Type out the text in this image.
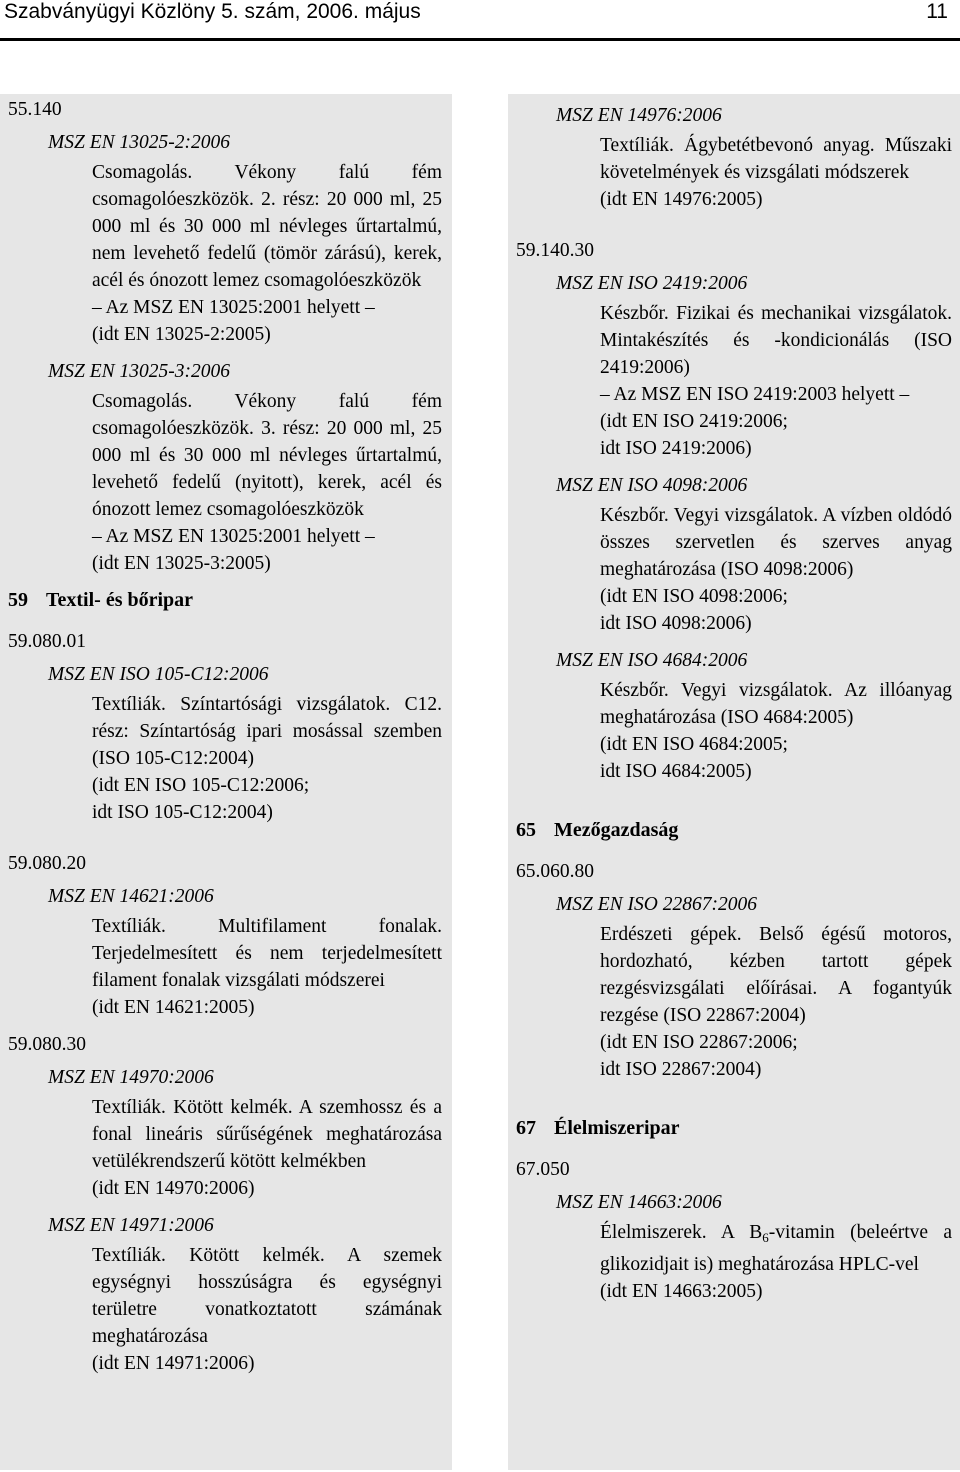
Szabványügyi Közlöny 5. szám, 2006. május	11
55.140
MSZ EN 13025-2:2006
Csomagolás. Vékony falú fém csomagolóeszközök. 2. rész: 20 000 ml, 25 000 ml és 30 000 ml névleges űrtartalmú, nem levehető fedelű (tömör zárású), kerek, acél és ónozott lemez csomagolóeszközök
– Az MSZ EN 13025:2001 helyett –
(idt EN 13025-2:2005)
MSZ EN 13025-3:2006
Csomagolás. Vékony falú fém csomagolóeszközök. 3. rész: 20 000 ml, 25 000 ml és 30 000 ml névleges űrtartalmú, levehető fedelű (nyitott), kerek, acél és ónozott lemez csomagolóeszközök
– Az MSZ EN 13025:2001 helyett –
(idt EN 13025-3:2005)
59 Textil- és bőripar
59.080.01
MSZ EN ISO 105-C12:2006
Textíliák. Színtartósági vizsgálatok. C12. rész: Színtartóság ipari mosással szemben (ISO 105-C12:2004)
(idt EN ISO 105-C12:2006;
idt ISO 105-C12:2004)
59.080.20
MSZ EN 14621:2006
Textíliák. Multifilament fonalak. Terjedelmesített és nem terjedelmesített filament fonalak vizsgálati módszerei
(idt EN 14621:2005)
59.080.30
MSZ EN 14970:2006
Textíliák. Kötött kelmék. A szemhossz és a fonal lineáris sűrűségének meghatározása vetülékrendszerű kötött kelmékben
(idt EN 14970:2006)
MSZ EN 14971:2006
Textíliák. Kötött kelmék. A szemek egységnyi hosszúságra és egységnyi területre vonatkoztatott számának meghatározása
(idt EN 14971:2006)
MSZ EN 14976:2006
Textíliák. Ágybetétbevonó anyag. Műszaki követelmények és vizsgálati módszerek
(idt EN 14976:2005)
59.140.30
MSZ EN ISO 2419:2006
Készbőr. Fizikai és mechanikai vizsgálatok. Mintakészítés és -kondicionálás (ISO 2419:2006)
– Az MSZ EN ISO 2419:2003 helyett –
(idt EN ISO 2419:2006;
idt ISO 2419:2006)
MSZ EN ISO 4098:2006
Készbőr. Vegyi vizsgálatok. A vízben oldódó összes szervetlen és szerves anyag meghatározása (ISO 4098:2006)
(idt EN ISO 4098:2006;
idt ISO 4098:2006)
MSZ EN ISO 4684:2006
Készbőr. Vegyi vizsgálatok. Az illóanyag meghatározása (ISO 4684:2005)
(idt EN ISO 4684:2005;
idt ISO 4684:2005)
65 Mezőgazdaság
65.060.80
MSZ EN ISO 22867:2006
Erdészeti gépek. Belső égésű motoros, hordozható, kézben tartott gépek rezgésvizsgálati előírásai. A fogantyúk rezgése (ISO 22867:2004)
(idt EN ISO 22867:2006;
idt ISO 22867:2004)
67 Élelmiszeripar
67.050
MSZ EN 14663:2006
Élelmiszerek. A $B_6$-vitamin (beleértve a glikozidjait is) meghatározása HPLC-vel
(idt EN 14663:2005)
